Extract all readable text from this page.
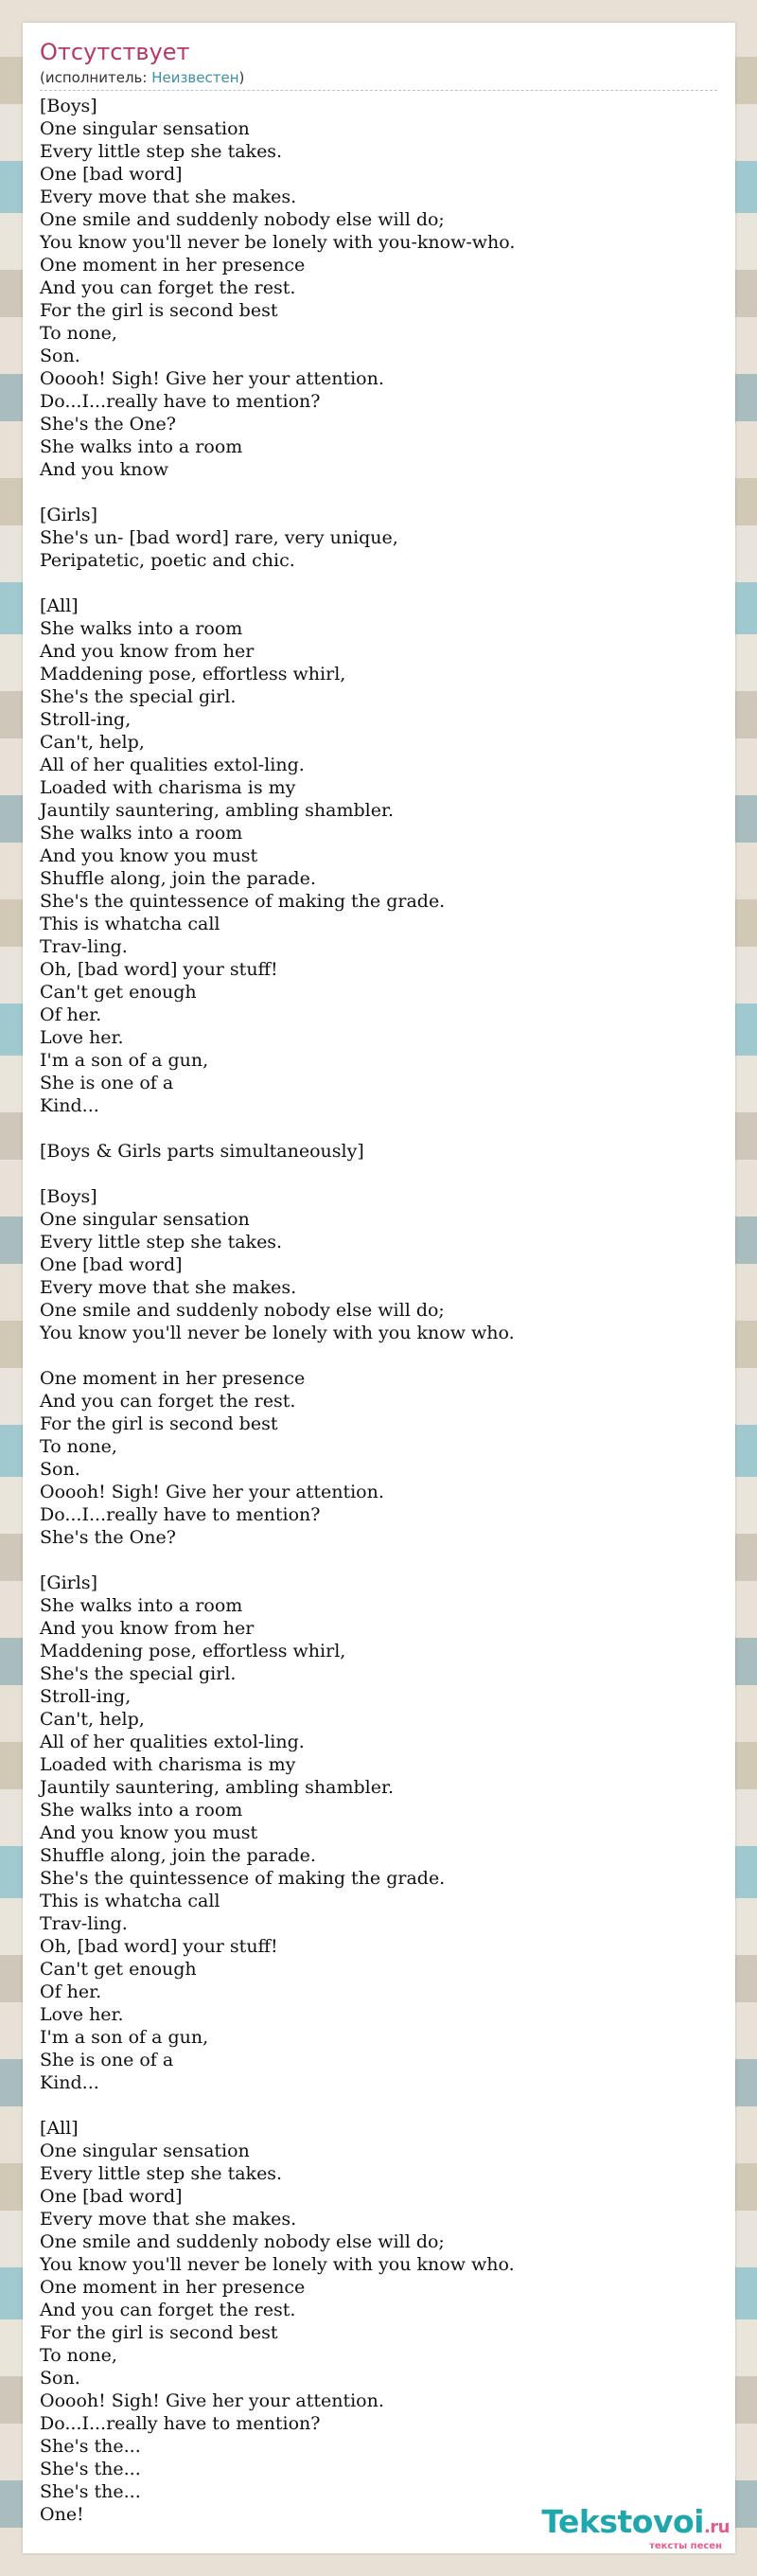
Отсутствует
(исполнитель: Неизвестен)
[Boys]
One singular sensation
Every little step she takes.
One [bad word]
Every move that she makes.
One smile and suddenly nobody else will do;
You know you'll never be lonely with you-know-who.
One moment in her presence
And you can forget the rest.
For the girl is second best
To none,
Son.
Ooooh! Sigh! Give her your attention.
Do...I...really have to mention?
She's the One?
She walks into a room
And you know

[Girls]
She's un- [bad word] rare, very unique,
Peripatetic, poetic and chic.

[All]
She walks into a room
And you know from her
Maddening pose, effortless whirl,
She's the special girl.
Stroll-ing,
Can't, help,
All of her qualities extol-ling.
Loaded with charisma is my
Jauntily sauntering, ambling shambler.
She walks into a room
And you know you must
Shuffle along, join the parade.
She's the quintessence of making the grade.
This is whatcha call
Trav-ling.
Oh, [bad word] your stuff!
Can't get enough
Of her.
Love her.
I'm a son of a gun,
She is one of a
Kind...

[Boys & Girls parts simultaneously]

[Boys]
One singular sensation
Every little step she takes.
One [bad word]
Every move that she makes.
One smile and suddenly nobody else will do;
You know you'll never be lonely with you know who.

One moment in her presence
And you can forget the rest.
For the girl is second best
To none,
Son.
Ooooh! Sigh! Give her your attention.
Do...I...really have to mention?
She's the One?

[Girls]
She walks into a room
And you know from her
Maddening pose, effortless whirl,
She's the special girl.
Stroll-ing,
Can't, help,
All of her qualities extol-ling.
Loaded with charisma is my
Jauntily sauntering, ambling shambler.
She walks into a room
And you know you must
Shuffle along, join the parade.
She's the quintessence of making the grade.
This is whatcha call
Trav-ling.
Oh, [bad word] your stuff!
Can't get enough
Of her.
Love her.
I'm a son of a gun,
She is one of a
Kind...

[All]
One singular sensation
Every little step she takes.
One [bad word]
Every move that she makes.
One smile and suddenly nobody else will do;
You know you'll never be lonely with you know who.
One moment in her presence
And you can forget the rest.
For the girl is second best
To none,
Son.
Ooooh! Sigh! Give her your attention.
Do...I...really have to mention?
She's the...
She's the...
She's the...
One!	Tekstovoi.ru
тексты песен
